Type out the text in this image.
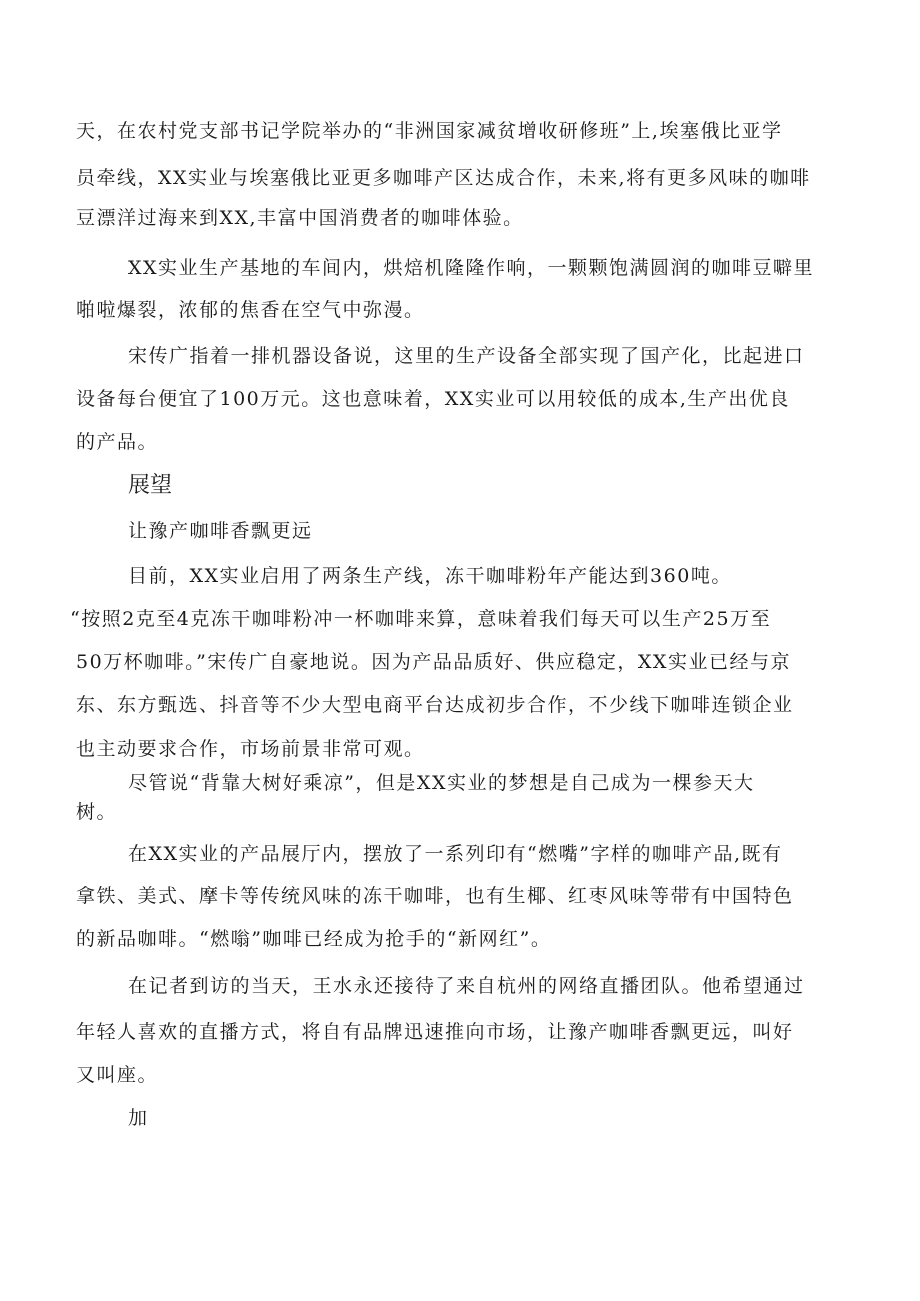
天，在农村党支部书记学院举办的“非洲国家减贫增收研修班”上,埃塞俄比亚学
员牵线，XX实业与埃塞俄比亚更多咖啡产区达成合作，未来,将有更多风味的咖啡
豆漂洋过海来到XX,丰富中国消费者的咖啡体验。
XX实业生产基地的车间内，烘焙机隆隆作响，一颗颗饱满圆润的咖啡豆噼里
啪啦爆裂，浓郁的焦香在空气中弥漫。
宋传广指着一排机器设备说，这里的生产设备全部实现了国产化，比起进口
设备每台便宜了100万元。这也意味着，XX实业可以用较低的成本,生产出优良
的产品。
展望
让豫产咖啡香飘更远
目前，XX实业启用了两条生产线，冻干咖啡粉年产能达到360吨。
“按照2克至4克冻干咖啡粉冲一杯咖啡来算，意味着我们每天可以生产25万至
50万杯咖啡。”宋传广自豪地说。因为产品品质好、供应稳定，XX实业已经与京
东、东方甄选、抖音等不少大型电商平台达成初步合作，不少线下咖啡连锁企业
也主动要求合作，市场前景非常可观。
尽管说“背靠大树好乘凉”，但是XX实业的梦想是自己成为一棵参天大
树。
在XX实业的产品展厅内，摆放了一系列印有“燃嘴”字样的咖啡产品,既有
拿铁、美式、摩卡等传统风味的冻干咖啡，也有生椰、红枣风味等带有中国特色
的新品咖啡。“燃嗡”咖啡已经成为抢手的“新网红”。
在记者到访的当天，王水永还接待了来自杭州的网络直播团队。他希望通过
年轻人喜欢的直播方式，将自有品牌迅速推向市场，让豫产咖啡香飘更远，叫好
又叫座。
加
